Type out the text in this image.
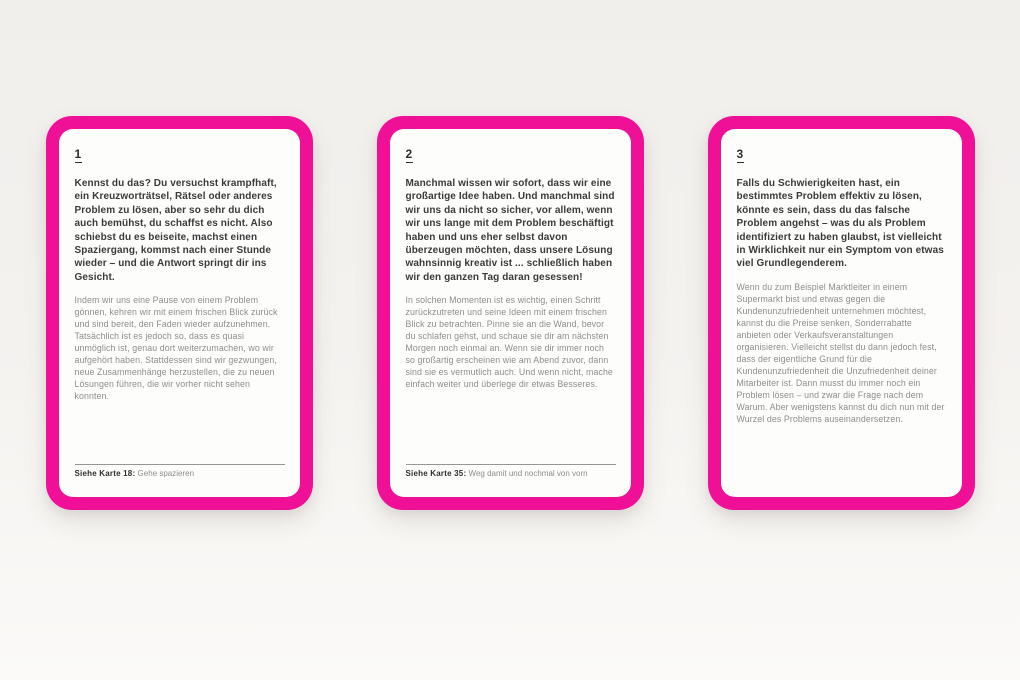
1
Kennst du das? Du versuchst krampfhaft, ein Kreuzworträtsel, Rätsel oder anderes Problem zu lösen, aber so sehr du dich auch bemühst, du schaffst es nicht. Also schiebst du es beiseite, machst einen Spaziergang, kommst nach einer Stunde wieder – und die Antwort springt dir ins Gesicht.
Indem wir uns eine Pause von einem Problem gönnen, kehren wir mit einem frischen Blick zurück und sind bereit, den Faden wieder aufzunehmen. Tatsächlich ist es jedoch so, dass es quasi unmöglich ist, genau dort weiterzumachen, wo wir aufgehört haben. Stattdessen sind wir gezwungen, neue Zusammenhänge herzustellen, die zu neuen Lösungen führen, die wir vorher nicht sehen konnten.
Siehe Karte 18: Gehe spazieren
2
Manchmal wissen wir sofort, dass wir eine großartige Idee haben. Und manchmal sind wir uns da nicht so sicher, vor allem, wenn wir uns lange mit dem Problem beschäftigt haben und uns eher selbst davon überzeugen möchten, dass unsere Lösung wahnsinnig kreativ ist ... schließlich haben wir den ganzen Tag daran gesessen!
In solchen Momenten ist es wichtig, einen Schritt zurückzutreten und seine Ideen mit einem frischen Blick zu betrachten. Pinne sie an die Wand, bevor du schlafen gehst, und schaue sie dir am nächsten Morgen noch einmal an. Wenn sie dir immer noch so großartig erscheinen wie am Abend zuvor, dann sind sie es vermutlich auch. Und wenn nicht, mache einfach weiter und überlege dir etwas Besseres.
Siehe Karte 35: Weg damit und nochmal von vorn
3
Falls du Schwierigkeiten hast, ein bestimmtes Problem effektiv zu lösen, könnte es sein, dass du das falsche Problem angehst – was du als Problem identifiziert zu haben glaubst, ist vielleicht in Wirklichkeit nur ein Symptom von etwas viel Grundlegenderem.
Wenn du zum Beispiel Marktleiter in einem Supermarkt bist und etwas gegen die Kundenunzufriedenheit unternehmen möchtest, kannst du die Preise senken, Sonderrabatte anbieten oder Verkaufsveranstaltungen organisieren. Vielleicht stellst du dann jedoch fest, dass der eigentliche Grund für die Kundenunzufriedenheit die Unzufriedenheit deiner Mitarbeiter ist. Dann musst du immer noch ein Problem lösen – und zwar die Frage nach dem Warum. Aber wenigstens kannst du dich nun mit der Wurzel des Problems auseinandersetzen.
